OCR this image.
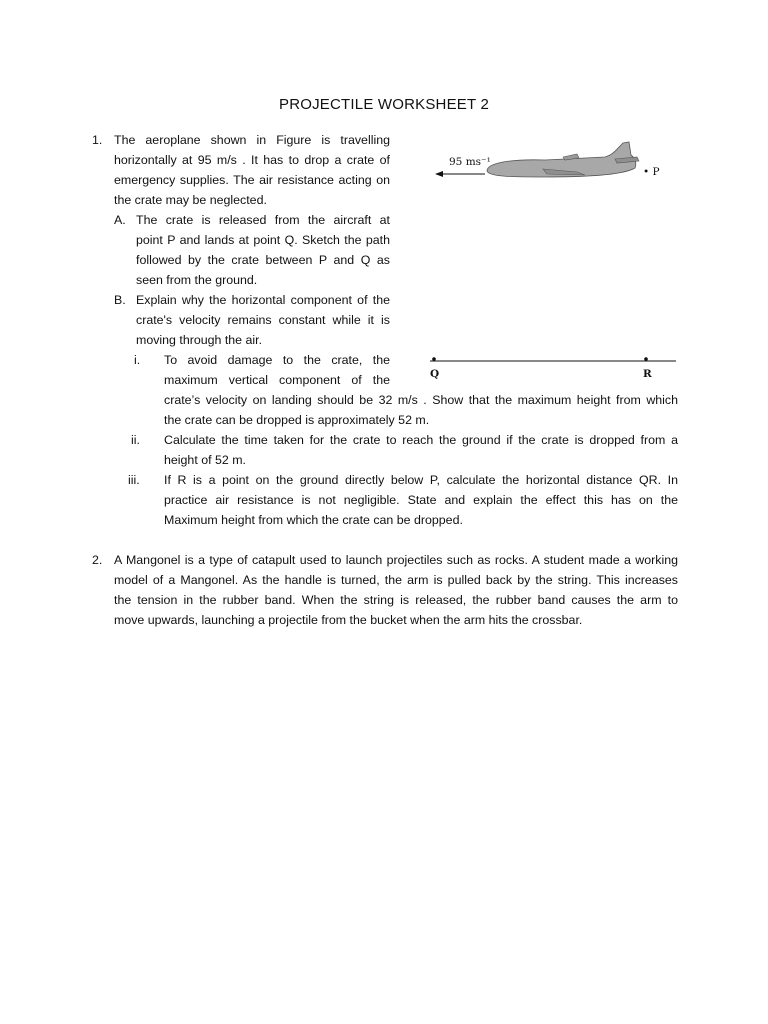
PROJECTILE WORKSHEET 2
1. The aeroplane shown in Figure is travelling
horizontally at 95 m/s . It has to drop a crate of
emergency supplies. The air resistance acting on
the crate may be neglected.
A. The crate is released from the aircraft at
point P and lands at point Q. Sketch the path
followed by the crate between P and Q as
seen from the ground.
B. Explain why the horizontal component of the
crate's velocity remains constant while it is
moving through the air.
i. To avoid damage to the crate, the
maximum vertical component of the
crate’s velocity on landing should be 32 m/s . Show that the maximum height from which
the crate can be dropped is approximately 52 m.
ii. Calculate the time taken for the crate to reach the ground if the crate is dropped from a
height of 52 m.
iii. If R is a point on the ground directly below P, calculate the horizontal distance QR. In
practice air resistance is not negligible. State and explain the effect this has on the
Maximum height from which the crate can be dropped.
2. A Mangonel is a type of catapult used to launch projectiles such as rocks. A student made a working
model of a Mangonel. As the handle is turned, the arm is pulled back by the string. This increases
the tension in the rubber band. When the string is released, the rubber band causes the arm to
move upwards, launching a projectile from the bucket when the arm hits the crossbar.
95 ms⁻¹
• P
Q	R
